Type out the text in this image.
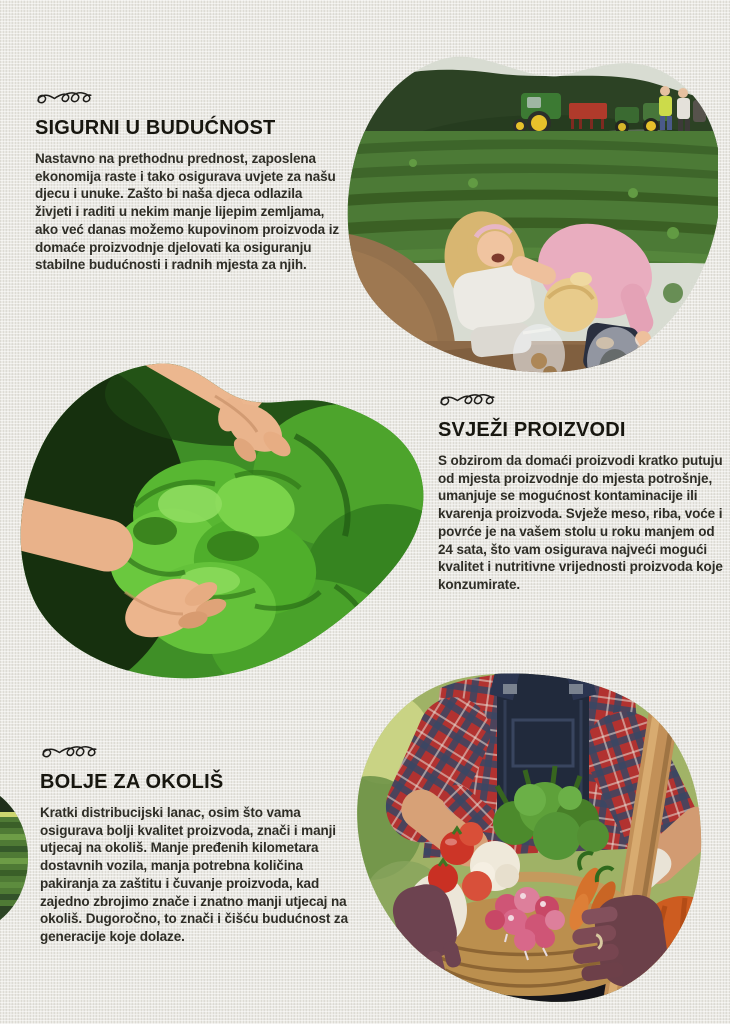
SIGURNI U BUDUĆNOST

Nastavno na prethodnu prednost, zaposlena ekonomija raste i tako osigurava uvjete za našu djecu i unuke. Zašto bi naša djeca odlazila živjeti i raditi u nekim manje lijepim zemljama, ako već danas možemo kupovinom proizvoda iz domaće proizvodnje djelovati ka osiguranju stabilne budućnosti i radnih mjesta za njih.

SVJEŽI PROIZVODI

S obzirom da domaći proizvodi kratko putuju od mjesta proizvodnje do mjesta potrošnje, umanjuje se mogućnost kontaminacije ili kvarenja proizvoda. Svježe meso, riba, voće i povrće je na vašem stolu u roku manjem od 24 sata, što vam osigurava najveći mogući kvalitet i nutritivne vrijednosti proizvoda koje konzumirate.

BOLJE ZA OKOLIŠ

Kratki distribucijski lanac, osim što vama osigurava bolji kvalitet proizvoda, znači i manji utjecaj na okoliš. Manje pređenih kilometara dostavnih vozila, manja potrebna količina pakiranja za zaštitu i čuvanje proizvoda, kad zajedno zbrojimo znače i znatno manji utjecaj na okoliš. Dugoročno, to znači i čišću budućnost za generacije koje dolaze.
